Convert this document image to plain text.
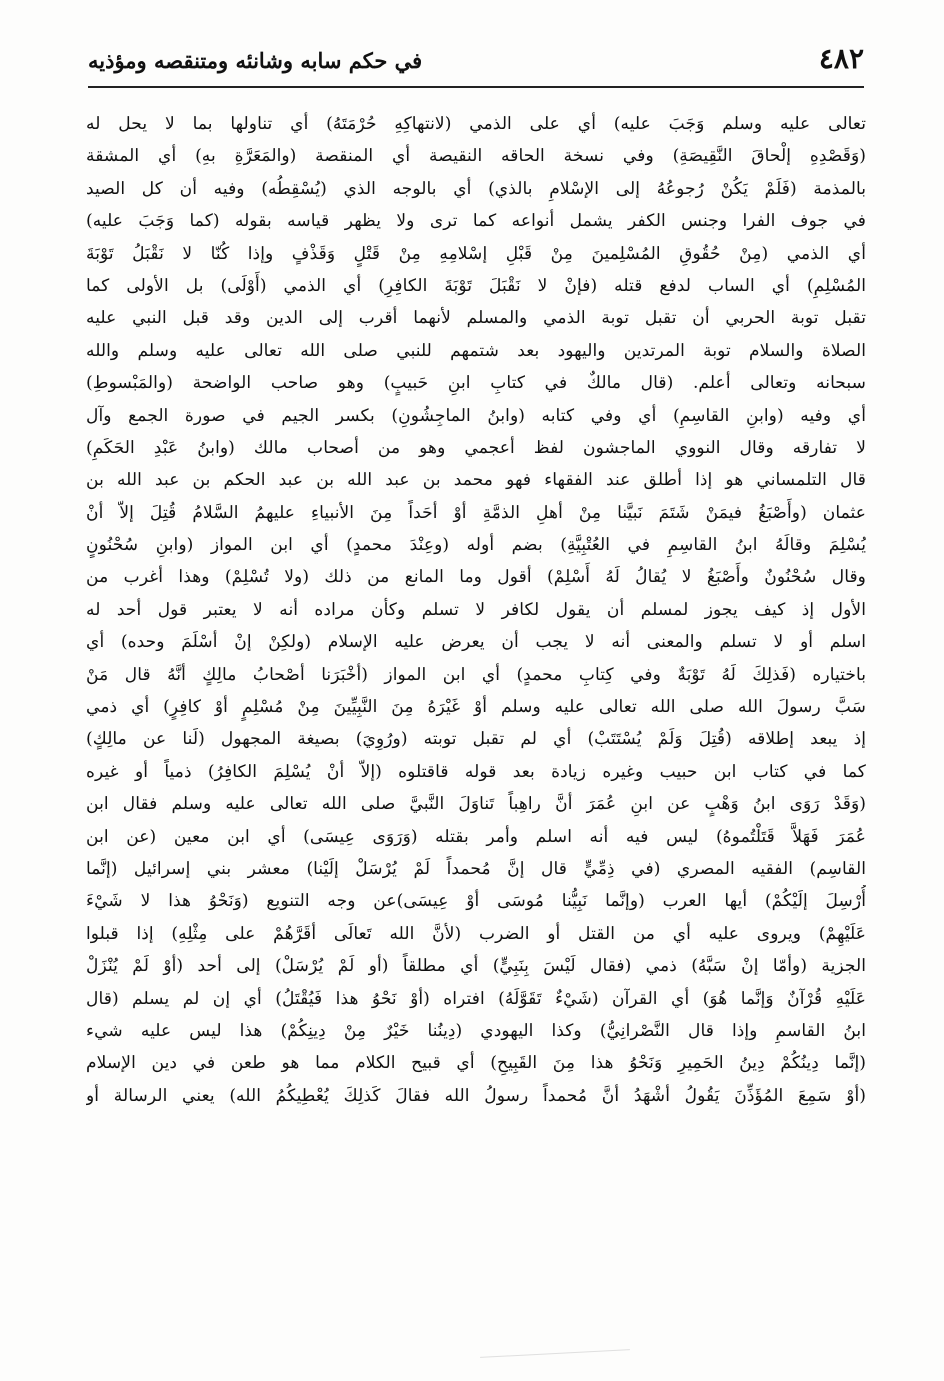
٤٨٢
في حكم سابه وشانئه ومتنقصه ومؤذيه
تعالى عليه وسلم وَجَبَ عليه) أي على الذمي (لانتهاكِهِ حُرْمَتَهُ) أي تناولها بما لا يحل له
(وَقَصْدِهِ إلْحاقَ النَّقِيصَةِ) وفي نسخة الحاقه النقيصة أي المنقصة (والمَعَرَّةِ بهِ) أي المشقة
بالمذمة (فَلَمْ يَكُنْ رُجوعُهُ إلى الإسْلامِ بالذي) أي بالوجه الذي (يُسْقِطُه) وفيه أن كل الصيد
في جوف الفرا وجنس الكفر يشمل أنواعه كما ترى ولا يظهر قياسه بقوله (كما وَجَبَ عليه)
أي الذمي (مِنْ حُقُوقِ المُسْلِمينَ مِنْ قَبْلِ إسْلامِهِ مِنْ قَتْلٍ وَقَذْفٍ وإذا كُنّا لا نَقْبَلُ تَوْبَةَ
المُسْلِمِ) أي الساب لدفع قتله (فإنْ لا نَقْبَلَ تَوْبَةَ الكافِرِ) أي الذمي (أَوْلَى) بل الأولى كما
تقبل توبة الحربي أن تقبل توبة الذمي والمسلم لأنهما أقرب إلى الدين وقد قبل النبي عليه
الصلاة والسلام توبة المرتدين واليهود بعد شتمهم للنبي صلى الله تعالى عليه وسلم والله
سبحانه وتعالى أعلم. (قال مالكٌ في كتابِ ابنِ حَبيبٍ) وهو صاحب الواضحة (والمَبْسوطِ)
أي وفيه (وابنِ القاسِمِ) أي وفي كتابه (وابنُ الماجِشُونِ) بكسر الجيم في صورة الجمع وآل
لا تفارقه وقال النووي الماجشون لفظ أعجمي وهو من أصحاب مالك (وابنُ عَبْدِ الحَكَمِ)
قال التلمساني هو إذا أطلق عند الفقهاء فهو محمد بن عبد الله بن عبد الحكم بن عبد الله بن
عثمان (وأَصْبَغُ فيمَنْ شَتَمَ نَبيَّنا مِنْ أهلِ الذمَّةِ أوْ أحَداً مِنَ الأنبياءِ عليهمُ السَّلامُ قُتِلَ إلاّ أنْ
يُسْلِمَ وقالَهُ ابنُ القاسِمِ في العُتْبِيَّةِ) بضم أوله (وعِنْدَ محمدٍ) أي ابن المواز (وابنِ سُحْنُونٍ
وقال سُحْنُونٌ وأَصْبَغُ لا يُقالُ لَهُ أَسْلِمْ) أقول وما المانع من ذلك (ولا تُسْلِمْ) وهذا أغرب من
الأول إذ كيف يجوز لمسلم أن يقول لكافر لا تسلم وكأن مراده أنه لا يعتبر قول أحد له
اسلم أو لا تسلم والمعنى أنه لا يجب أن يعرض عليه الإسلام (ولكِنْ إنْ أسْلَمَ وحده) أي
باختياره (فَذلِكَ لَهُ تَوْبَةٌ وفي كِتابِ محمدٍ) أي ابن المواز (أخْبَرَنا أصْحابُ مالِكٍ أنَّهُ قال مَنْ
سَبَّ رسولَ الله صلى الله تعالى عليه وسلم أوْ غَيْرَهُ مِنَ النَّبِيِّينَ مِنْ مُسْلِمٍ أوْ كافِرٍ) أي ذمي
إذ يبعد إطلاقه (قُتِلَ وَلَمْ يُسْتَتَبْ) أي لم تقبل توبته (ورُوِيَ) بصيغة المجهول (لَنا عن مالِكٍ)
كما في كتاب ابن حبيب وغيره زيادة بعد قوله قاقتلوه (إلاّ أنْ يُسْلِمَ الكافِرُ) ذمياً أو غيره
(وَقَدْ رَوَى ابنُ وَهْبٍ عن ابنِ عُمَرَ أنَّ راهِباً تَناوَلَ النَّبيَّ صلى الله تعالى عليه وسلم فقال ابن
عُمَرَ فَهَلاَّ قَتَلْتُموهُ) ليس فيه أنه اسلم وأمر بقتله (وَرَوَى عِيسَى) أي ابن معين (عن ابن
القاسِم) الفقيه المصري (في ذِمِّيٍّ قال إنَّ مُحمداً لَمْ يُرْسَلْ إلَيْنا) معشر بني إسرائيل (إنَّما
أُرْسِلَ إلَيْكُمْ) أيها العرب (وإنَّما نَبِيُّنا مُوسَى أوْ عِيسَى)عن وجه التنويع (وَنَحْوُ هذا لا شَيْءَ
عَلَيْهِمْ) ويروى عليه أي من القتل أو الضرب (لأنَّ الله تَعالَى أقَرَّهُمْ على مِثْلِهِ) إذا قبلوا
الجزية (وأمّا إنْ سَبَّهُ) ذمي (فقال لَيْسَ بِنَبِيٍّ) أي مطلقاً (أو لَمْ يُرْسَلْ) إلى أحد (أوْ لَمْ يُنْزَلْ
عَلَيْهِ قُرْآنٌ وَإنَّما هُوَ) أي القرآن (شَيْءٌ تَقَوَّلَهُ) افتراه (أوْ نَحْوُ هذا فَيُقْتَلُ) أي إن لم يسلم (قال
ابنُ القاسمِ وإذا قال النَّصْرانِيُّ) وكذا اليهودي (دِينُنا خَيْرٌ مِنْ دِينِكُمْ) هذا ليس عليه شيء
(إنَّما دِينُكُمْ دِينُ الحَمِيرِ وَنَحْوُ هذا مِنَ القَبِيحِ) أي قبيح الكلام مما هو طعن في دين الإسلام
(أوْ سَمِعَ المُؤَذِّنَ يَقُولُ أشْهَدُ أنَّ مُحمداً رسولُ الله فقالَ كَذلِكَ يُعْطِيكُمُ الله) يعني الرسالة أو
